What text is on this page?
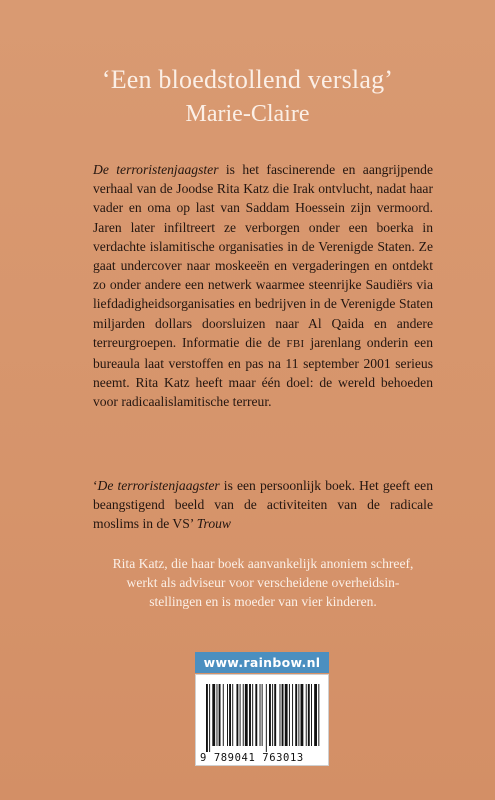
‘Een bloedstollend verslag’
Marie-Claire
De terroristenjaagster is het fascinerende en aangrijpende verhaal van de Joodse Rita Katz die Irak ontvlucht, nadat haar vader en oma op last van Saddam Hoessein zijn vermoord. Jaren later infiltreert ze verborgen onder een boerka in verdachte islamitische organisaties in de Verenigde Staten. Ze gaat undercover naar moskeeën en vergaderingen en ontdekt zo onder andere een netwerk waarmee steenrijke Saudiërs via liefdadigheidsorganisaties en bedrijven in de Verenigde Staten miljarden dollars doorsluizen naar Al Qaida en andere terreurgroepen. Informatie die de FBI jarenlang onderin een bureaula laat verstoffen en pas na 11 september 2001 serieus neemt. Rita Katz heeft maar één doel: de wereld behoeden voor radicaalislamitische terreur.
‘De terroristenjaagster is een persoonlijk boek. Het geeft een beangstigend beeld van de activiteiten van de radicale moslims in de VS’ Trouw
Rita Katz, die haar boek aanvankelijk anoniem schreef,
werkt als adviseur voor verscheidene overheidsin-
stellingen en is moeder van vier kinderen.
www.rainbow.nl
9 789041 763013
